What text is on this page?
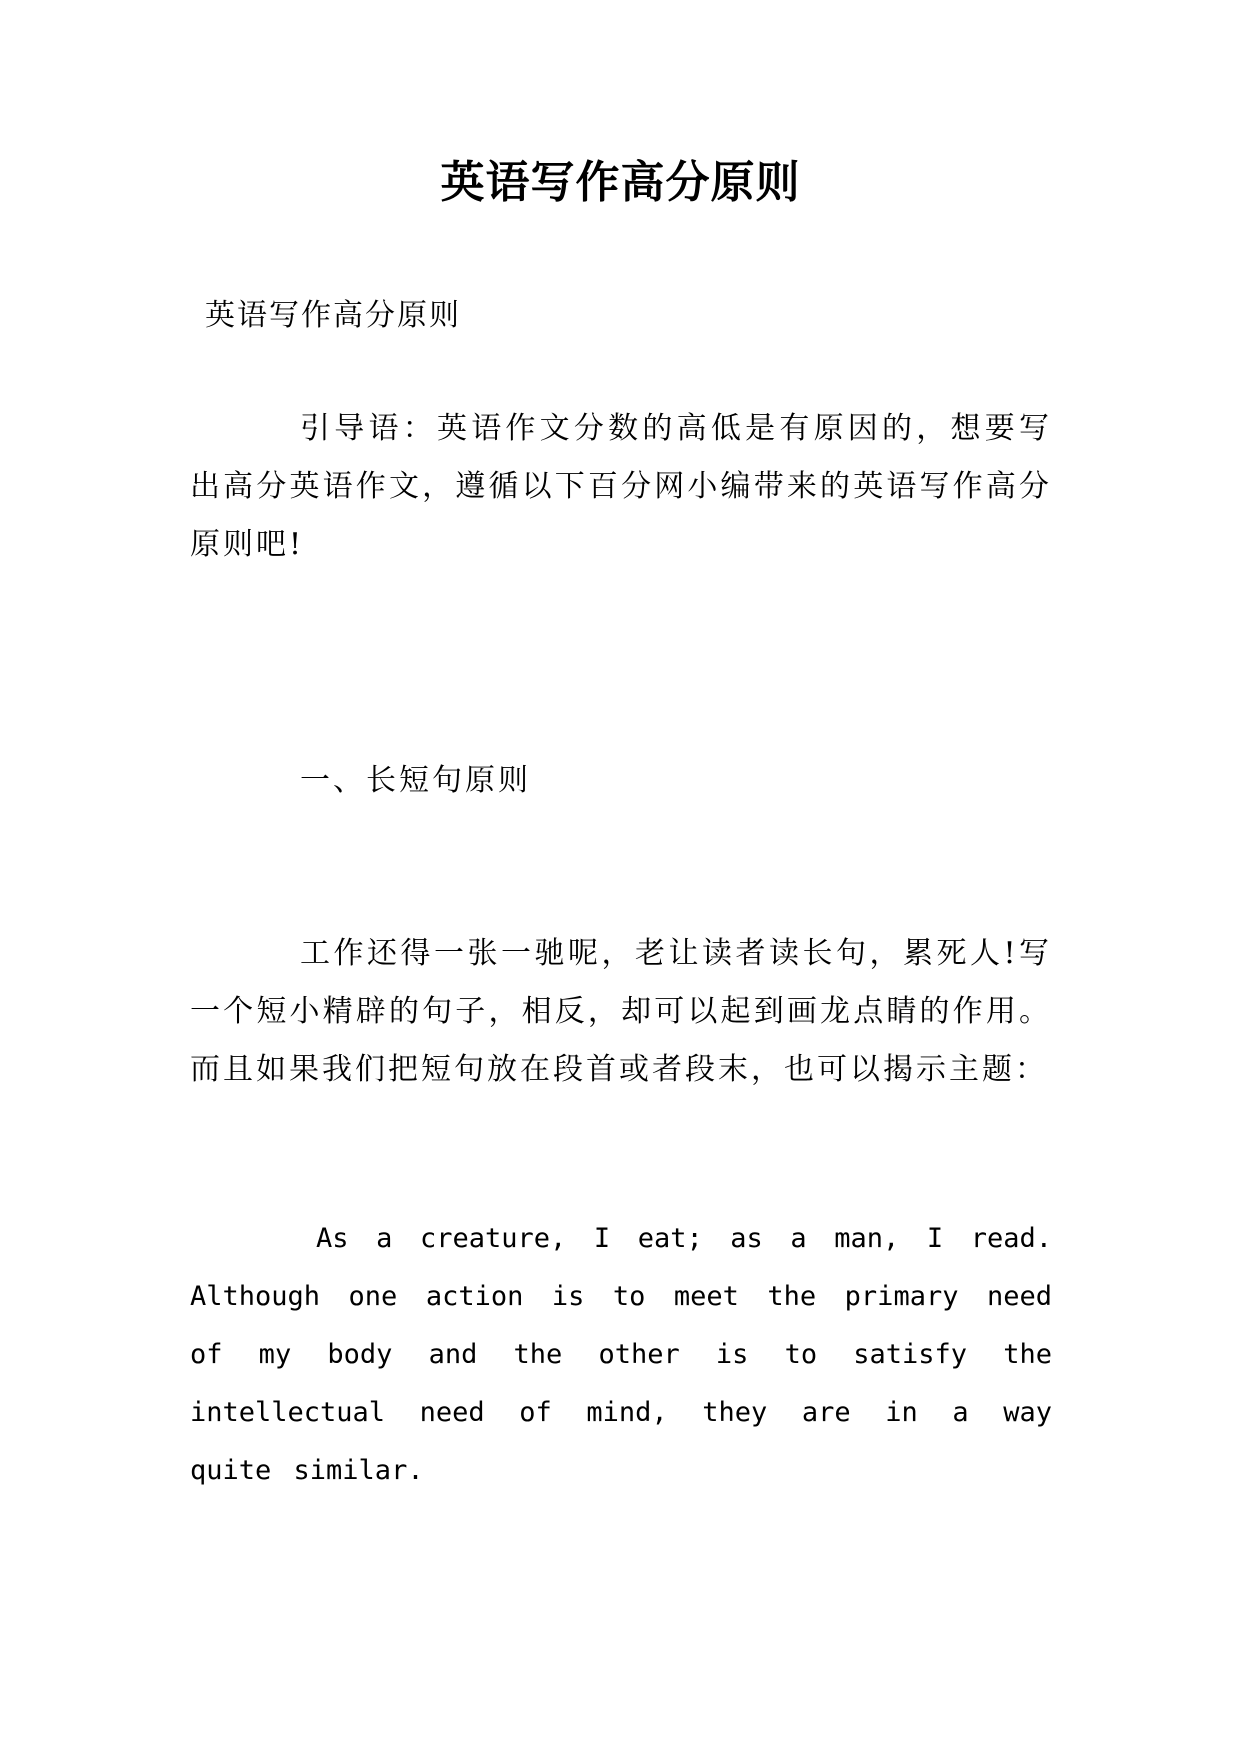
英语写作高分原则

英语写作高分原则

引导语：英语作文分数的高低是有原因的，想要写出高分英语作文，遵循以下百分网小编带来的英语写作高分原则吧!

一、长短句原则

工作还得一张一驰呢，老让读者读长句，累死人!写一个短小精辟的句子，相反，却可以起到画龙点睛的作用。而且如果我们把短句放在段首或者段末，也可以揭示主题：

As a creature, I eat; as a man, I read. Although one action is to meet the primary need of my body and the other is to satisfy the intellectual need of mind, they are in a way quite similar.
